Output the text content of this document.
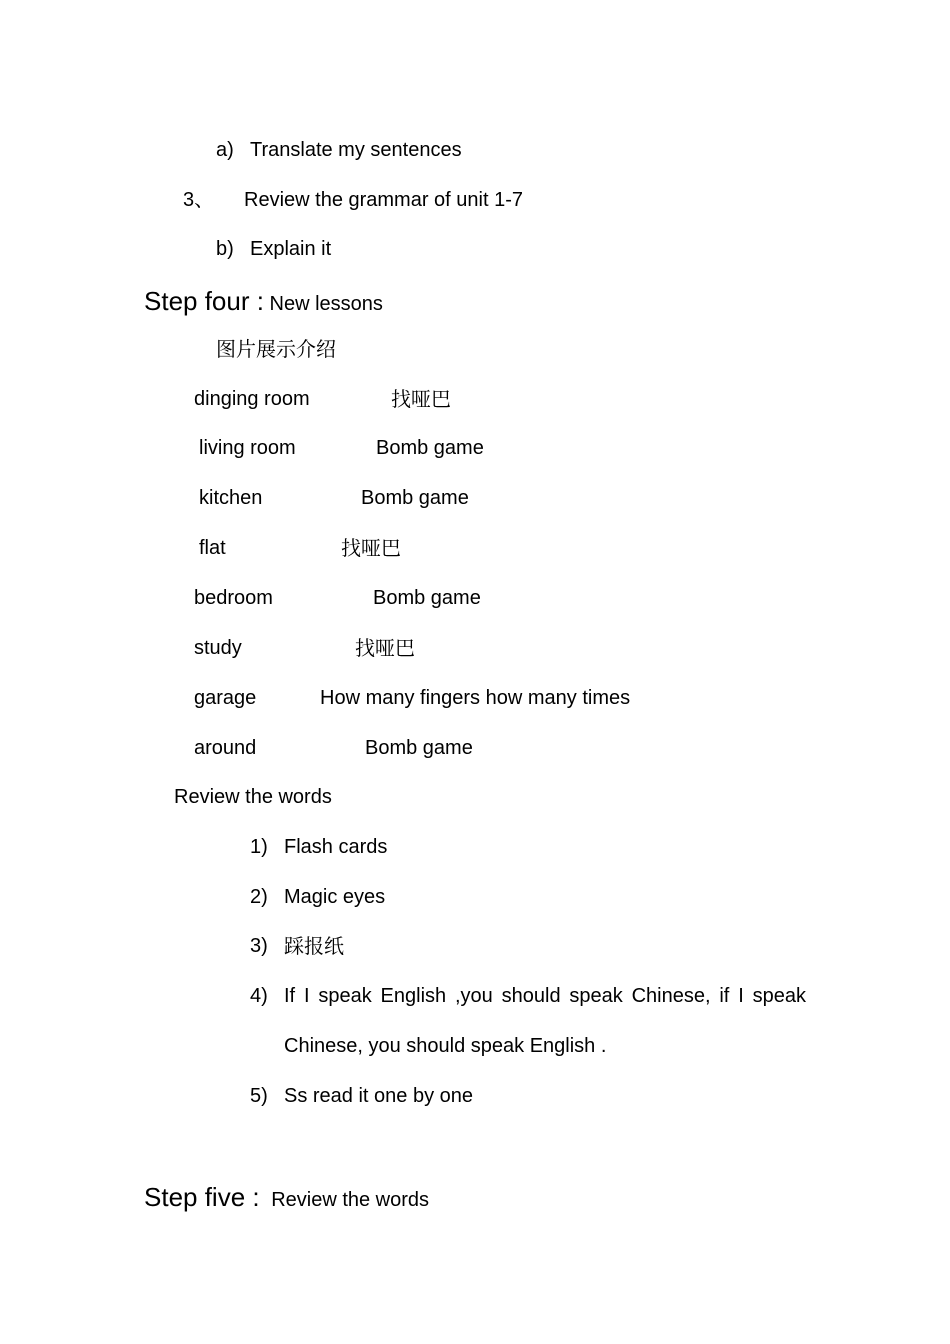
a) Translate my sentences
3、 Review the grammar of unit 1-7
b) Explain it
Step four : New lessons
图片展示介绍
dinging room	找哑巴
living room	Bomb game
kitchen	Bomb game
flat	找哑巴
bedroom	Bomb game
study	找哑巴
garage	How many fingers how many times
around	Bomb game
Review the words
1) Flash cards
2) Magic eyes
3) 踩报纸
4) If I speak English ,you should speak Chinese, if I speak
Chinese, you should speak English .
5) Ss read it one by one
Step five : Review the words
